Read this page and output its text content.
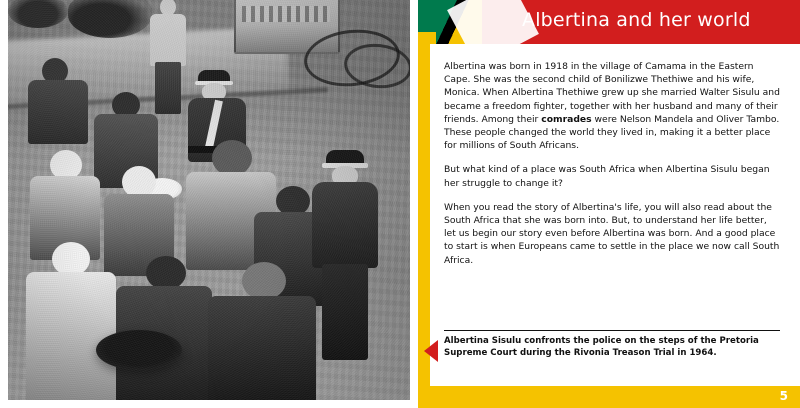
Albertina and her world

Albertina was born in 1918 in the village of Camama in the Eastern Cape. She was the second child of Bonilizwe Thethiwe and his wife, Monica. When Albertina Thethiwe grew up she married Walter Sisulu and became a freedom fighter, together with her husband and many of their friends. Among their comrades were Nelson Mandela and Oliver Tambo. These people changed the world they lived in, making it a better place for millions of South Africans.

But what kind of a place was South Africa when Albertina Sisulu began her struggle to change it?

When you read the story of Albertina's life, you will also read about the South Africa that she was born into. But, to understand her life better, let us begin our story even before Albertina was born. And a good place to start is when Europeans came to settle in the place we now call South Africa.

Albertina Sisulu confronts the police on the steps of the Pretoria Supreme Court during the Rivonia Treason Trial in 1964.
5
